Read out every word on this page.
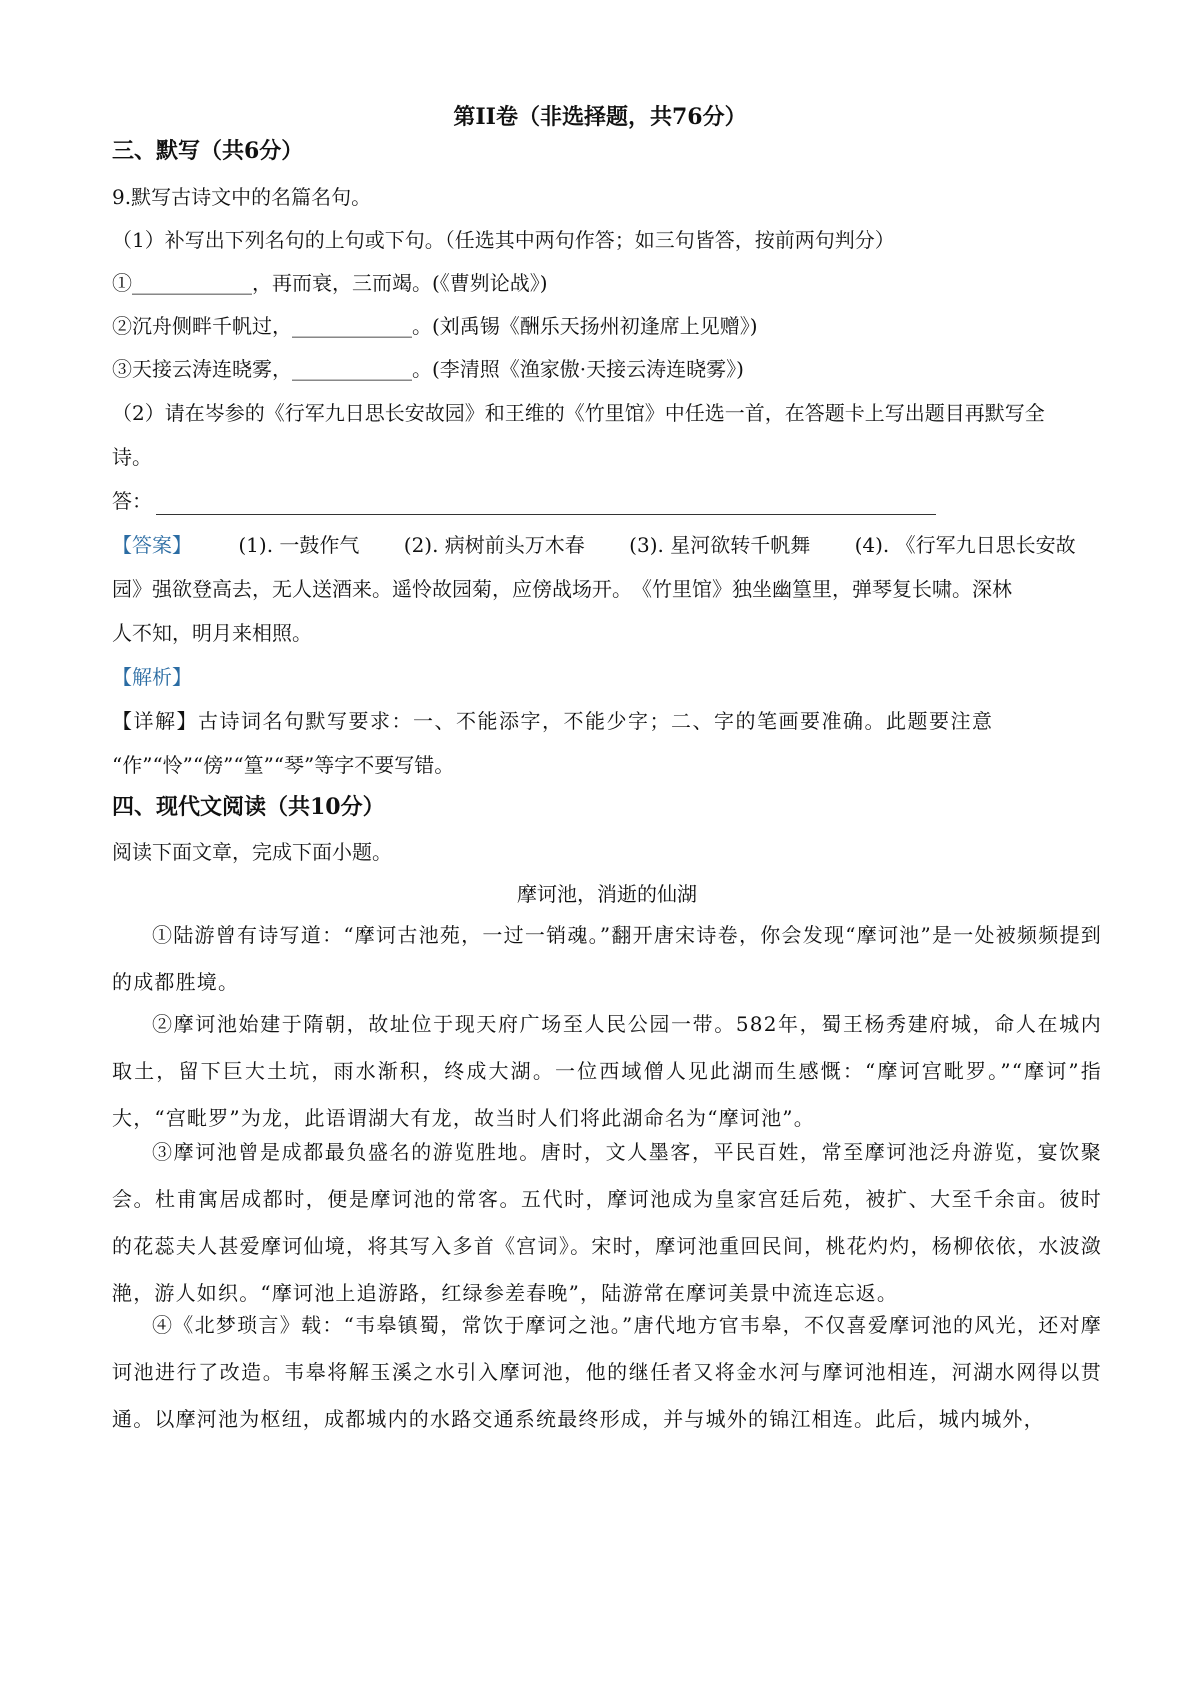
第II卷（非选择题，共76分）
三、默写（共6分）
9.默写古诗文中的名篇名句。
（1）补写出下列名句的上句或下句。（任选其中两句作答；如三句皆答，按前两句判分）
①____________，再而衰，三而竭。(《曹刿论战》)
②沉舟侧畔千帆过，____________。(刘禹锡《酬乐天扬州初逢席上见赠》)
③天接云涛连晓雾，____________。(李清照《渔家傲·天接云涛连晓雾》)
（2）请在岑参的《行军九日思长安故园》和王维的《竹里馆》中任选一首，在答题卡上写出题目再默写全
诗。
答：
【答案】 (1). 一鼓作气 (2). 病树前头万木春 (3). 星河欲转千帆舞 (4). 《行军九日思长安故
园》强欲登高去，无人送酒来。遥怜故园菊，应傍战场开。　《竹里馆》独坐幽篁里，弹琴复长啸。深林
人不知，明月来相照。
【解析】
【详解】古诗词名句默写要求：一、不能添字，不能少字；二、字的笔画要准确。此题要注意
“作”“怜”“傍”“篁”“琴”等字不要写错。
四、现代文阅读（共10分）
阅读下面文章，完成下面小题。
摩诃池，消逝的仙湖
①陆游曾有诗写道：“摩诃古池苑，一过一销魂。”翻开唐宋诗卷，你会发现“摩诃池”是一处被频频提到的成都胜境。
②摩诃池始建于隋朝，故址位于现天府广场至人民公园一带。582年，蜀王杨秀建府城，命人在城内取土，留下巨大土坑，雨水渐积，终成大湖。一位西域僧人见此湖而生感慨：“摩诃宫毗罗。”“摩诃”指大，“宫毗罗”为龙，此语谓湖大有龙，故当时人们将此湖命名为“摩诃池”。
③摩诃池曾是成都最负盛名的游览胜地。唐时，文人墨客，平民百姓，常至摩诃池泛舟游览，宴饮聚会。杜甫寓居成都时，便是摩诃池的常客。五代时，摩诃池成为皇家宫廷后苑，被扩、大至千余亩。彼时的花蕊夫人甚爱摩诃仙境，将其写入多首《宫词》。宋时，摩诃池重回民间，桃花灼灼，杨柳依依，水波潋滟，游人如织。“摩诃池上追游路，红绿参差春晚”，陆游常在摩诃美景中流连忘返。
④《北梦琐言》载：“韦皋镇蜀，常饮于摩诃之池。”唐代地方官韦皋，不仅喜爱摩诃池的风光，还对摩诃池进行了改造。韦皋将解玉溪之水引入摩诃池，他的继任者又将金水河与摩诃池相连，河湖水网得以贯通。以摩河池为枢纽，成都城内的水路交通系统最终形成，并与城外的锦江相连。此后，城内城外，
